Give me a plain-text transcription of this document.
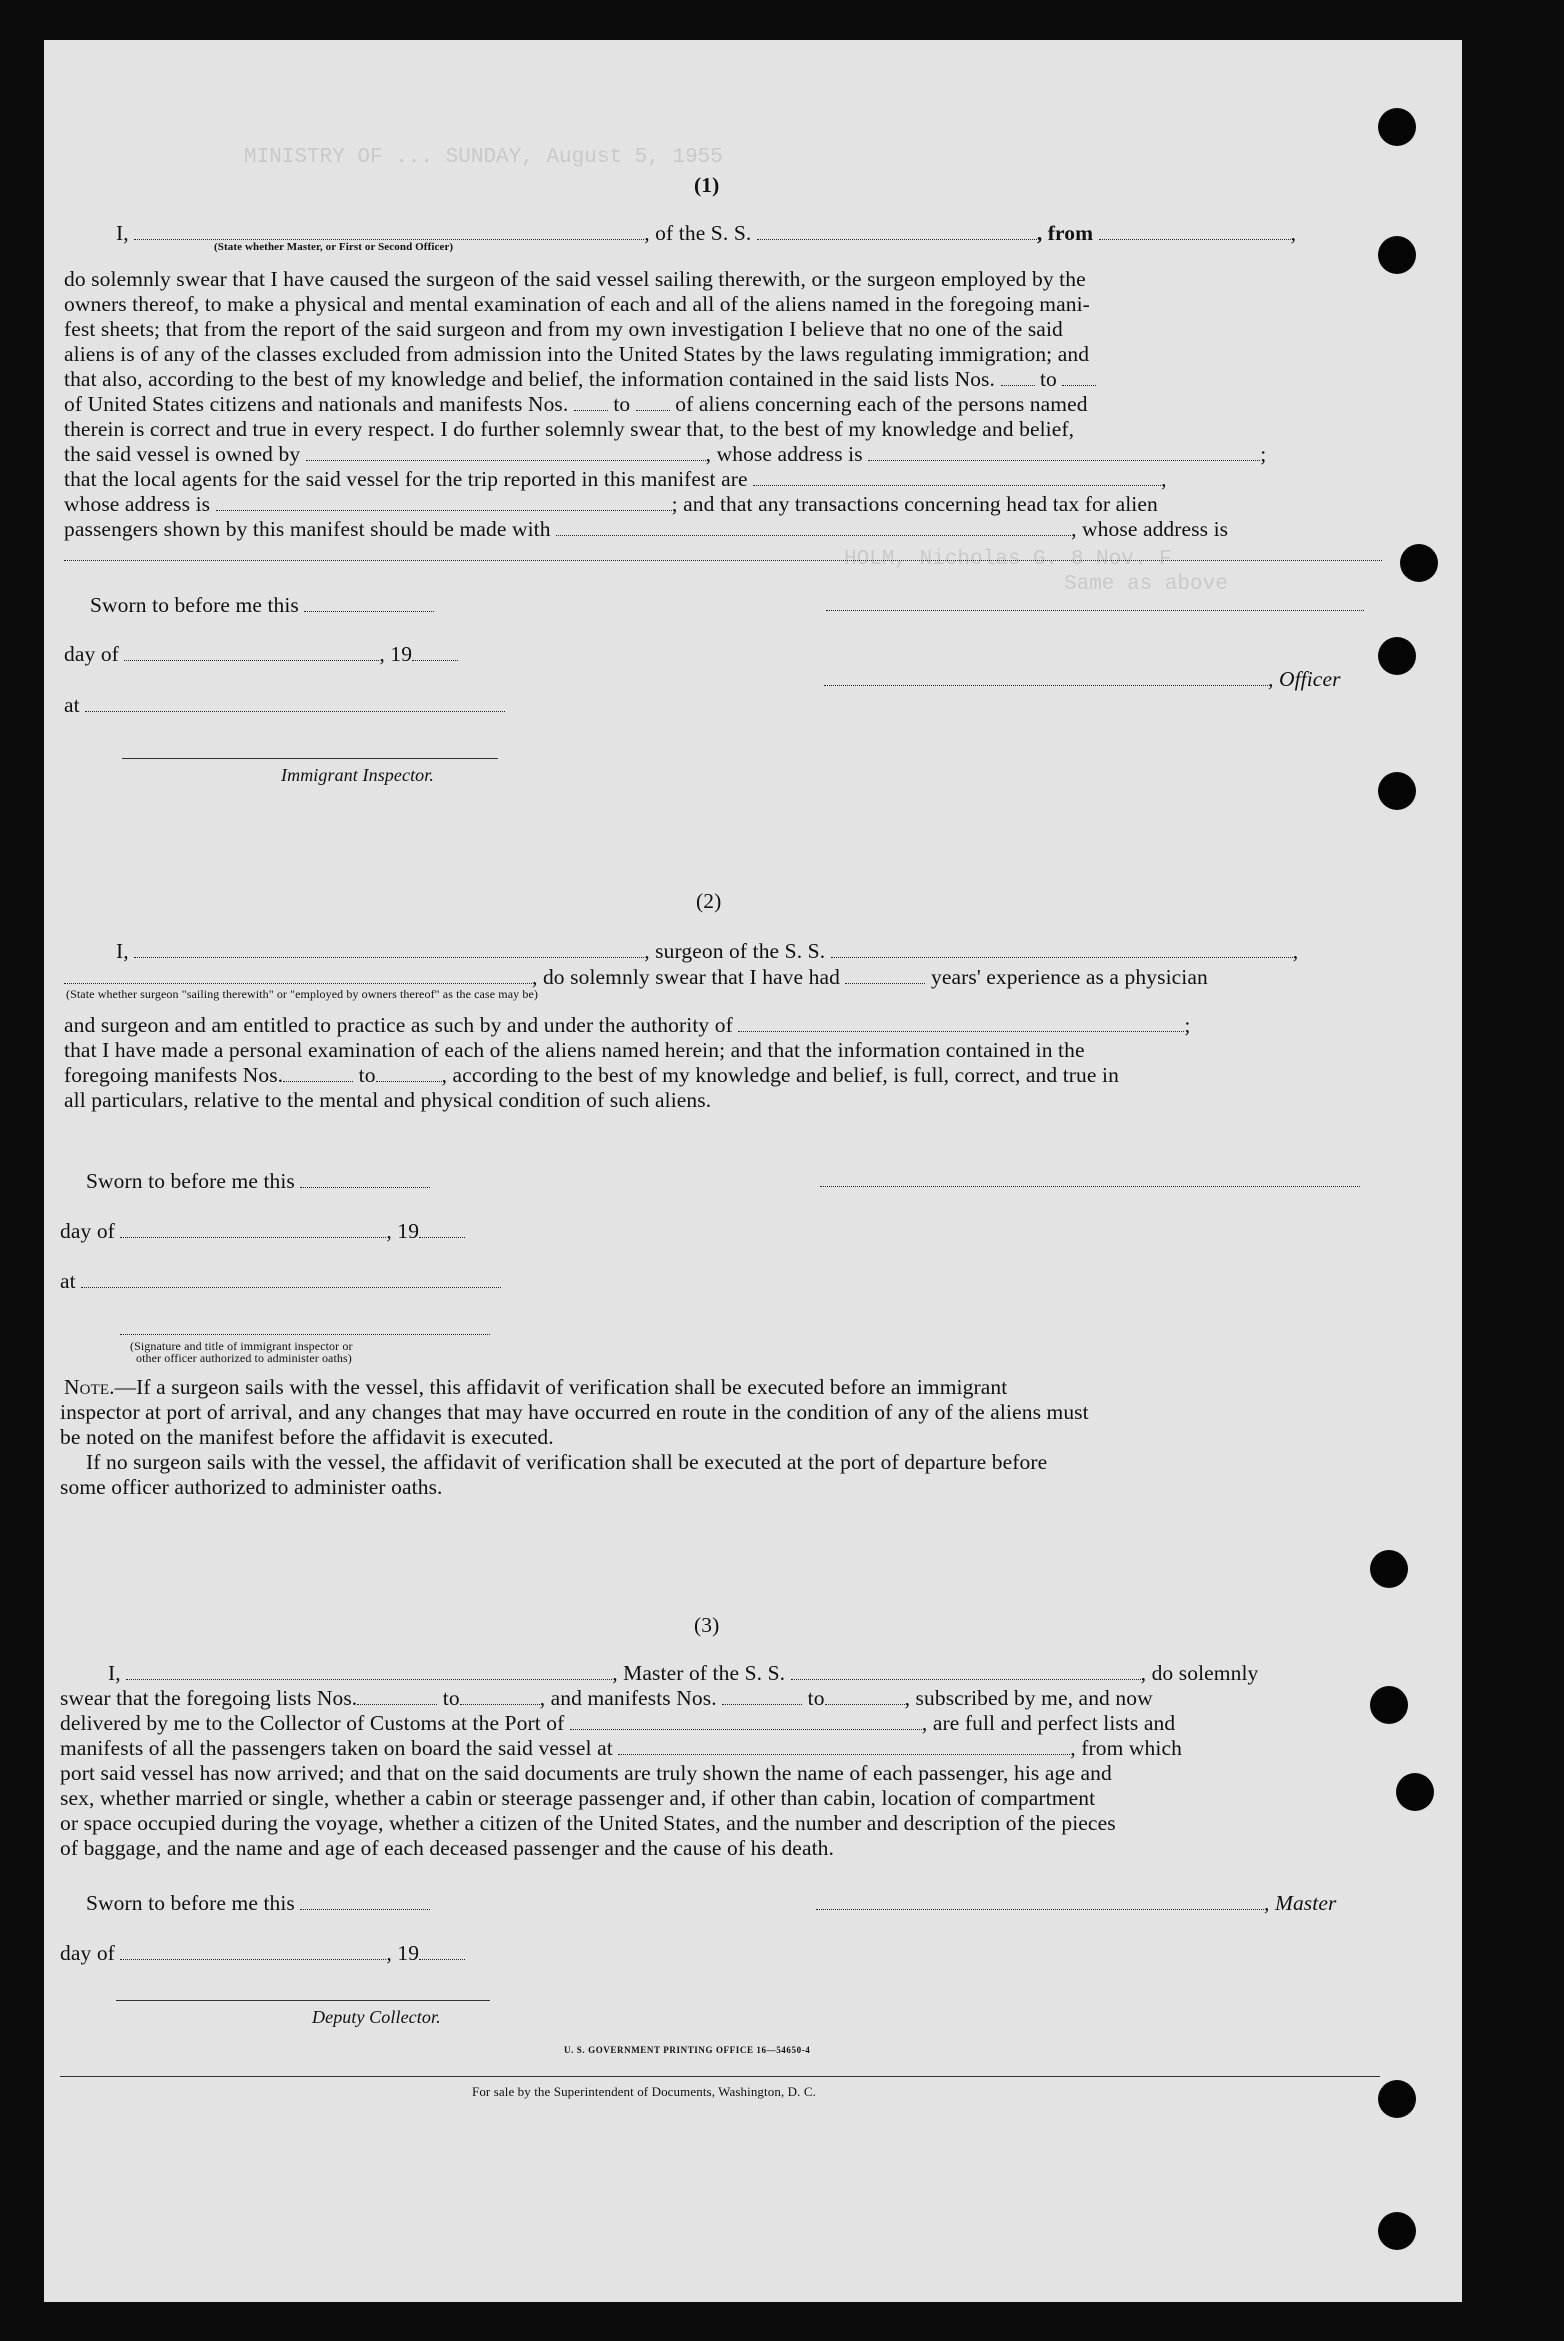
MINISTRY OF ... SUNDAY, August 5, 1955
HOLM, Nicholas G. 8 Nov. F
Same as above
(1)
I,	, of the S. S.	, from	,
(State whether Master, or First or Second Officer)
do solemnly swear that I have caused the surgeon of the said vessel sailing therewith, or the surgeon employed by the
owners thereof, to make a physical and mental examination of each and all of the aliens named in the foregoing mani-
fest sheets; that from the report of the said surgeon and from my own investigation I believe that no one of the said
aliens is of any of the classes excluded from admission into the United States by the laws regulating immigration; and
that also, according to the best of my knowledge and belief, the information contained in the said lists Nos. to
of United States citizens and nationals and manifests Nos. to of aliens concerning each of the persons named
therein is correct and true in every respect. I do further solemnly swear that, to the best of my knowledge and belief,
the said vessel is owned by	, whose address is	;
that the local agents for the said vessel for the trip reported in this manifest are	,
whose address is	; and that any transactions concerning head tax for alien
passengers shown by this manifest should be made with	, whose address is
Sworn to before me this
day of	, 19
, Officer
at
Immigrant Inspector.
(2)
I,	, surgeon of the S. S.	,
, do solemnly swear that I have had	years' experience as a physician
(State whether surgeon "sailing therewith" or "employed by owners thereof" as the case may be)
and surgeon and am entitled to practice as such by and under the authority of	;
that I have made a personal examination of each of the aliens named herein; and that the information contained in the
foregoing manifests Nos.	to	, according to the best of my knowledge and belief, is full, correct, and true in
all particulars, relative to the mental and physical condition of such aliens.
Sworn to before me this
day of	, 19
at
(Signature and title of immigrant inspector or
other officer authorized to administer oaths)
Note.—If a surgeon sails with the vessel, this affidavit of verification shall be executed before an immigrant
inspector at port of arrival, and any changes that may have occurred en route in the condition of any of the aliens must
be noted on the manifest before the affidavit is executed.
If no surgeon sails with the vessel, the affidavit of verification shall be executed at the port of departure before
some officer authorized to administer oaths.
(3)
I,	, Master of the S. S.	, do solemnly
swear that the foregoing lists Nos.	to	, and manifests Nos.	to	, subscribed by me, and now
delivered by me to the Collector of Customs at the Port of	, are full and perfect lists and
manifests of all the passengers taken on board the said vessel at	, from which
port said vessel has now arrived; and that on the said documents are truly shown the name of each passenger, his age and
sex, whether married or single, whether a cabin or steerage passenger and, if other than cabin, location of compartment
or space occupied during the voyage, whether a citizen of the United States, and the number and description of the pieces
of baggage, and the name and age of each deceased passenger and the cause of his death.
Sworn to before me this	, Master
day of	, 19
Deputy Collector.
U. S. GOVERNMENT PRINTING OFFICE 16—54650-4
For sale by the Superintendent of Documents, Washington, D. C.
